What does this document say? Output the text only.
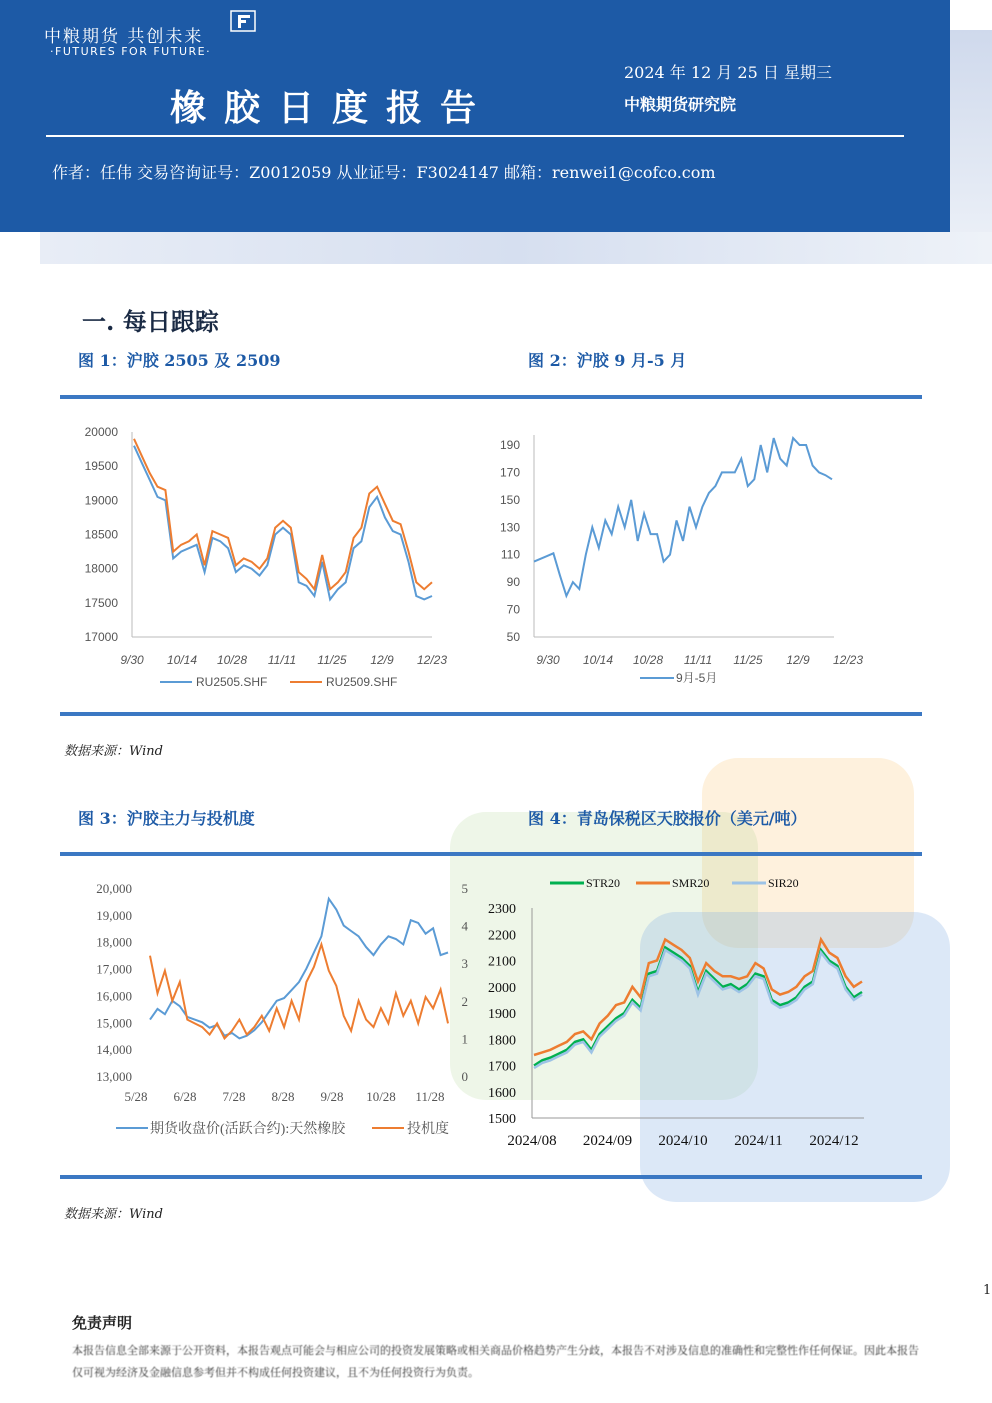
中粮期货 共创未来
·FUTURES FOR FUTURE·
橡胶日度报告
2024 年 12 月 25 日 星期三
中粮期货研究院
作者：任伟 交易咨询证号：Z0012059 从业证号：F3024147 邮箱：renwei1@cofco.com
一. 每日跟踪
图 1：沪胶 2505 及 2509	图 2：沪胶 9 月-5 月
20000
19500
19000
18500
18000
17500
17000
9/30 10/14 10/28 11/11 11/25 12/9 12/23
RU2505.SHF	RU2509.SHF
190
170
150
130
110
90
70
50
9/30 10/14 10/28 11/11 11/25 12/9 12/23
9月-5月
数据来源：Wind
图 3：沪胶主力与投机度	图 4：青岛保税区天胶报价（美元/吨）
20,000
19,000
18,000
17,000
16,000
15,000
14,000
13,000
5
4
3
2
1
0
5/28 6/28 7/28 8/28 9/28 10/28 11/28
期货收盘价(活跃合约):天然橡胶	投机度
2300
2200
2100
2000
1900
1800
1700
1600
1500
2024/08 2024/09 2024/10 2024/11 2024/12
STR20	SMR20	SIR20
数据来源：Wind
1
免责声明
本报告信息全部来源于公开资料，本报告观点可能会与相应公司的投资发展策略或相关商品价格趋势产生分歧，本报告不对涉及信息的准确性和完整性作任何保证。因此本报告仅可视为经济及金融信息参考但并不构成任何投资建议，且不为任何投资行为负责。
